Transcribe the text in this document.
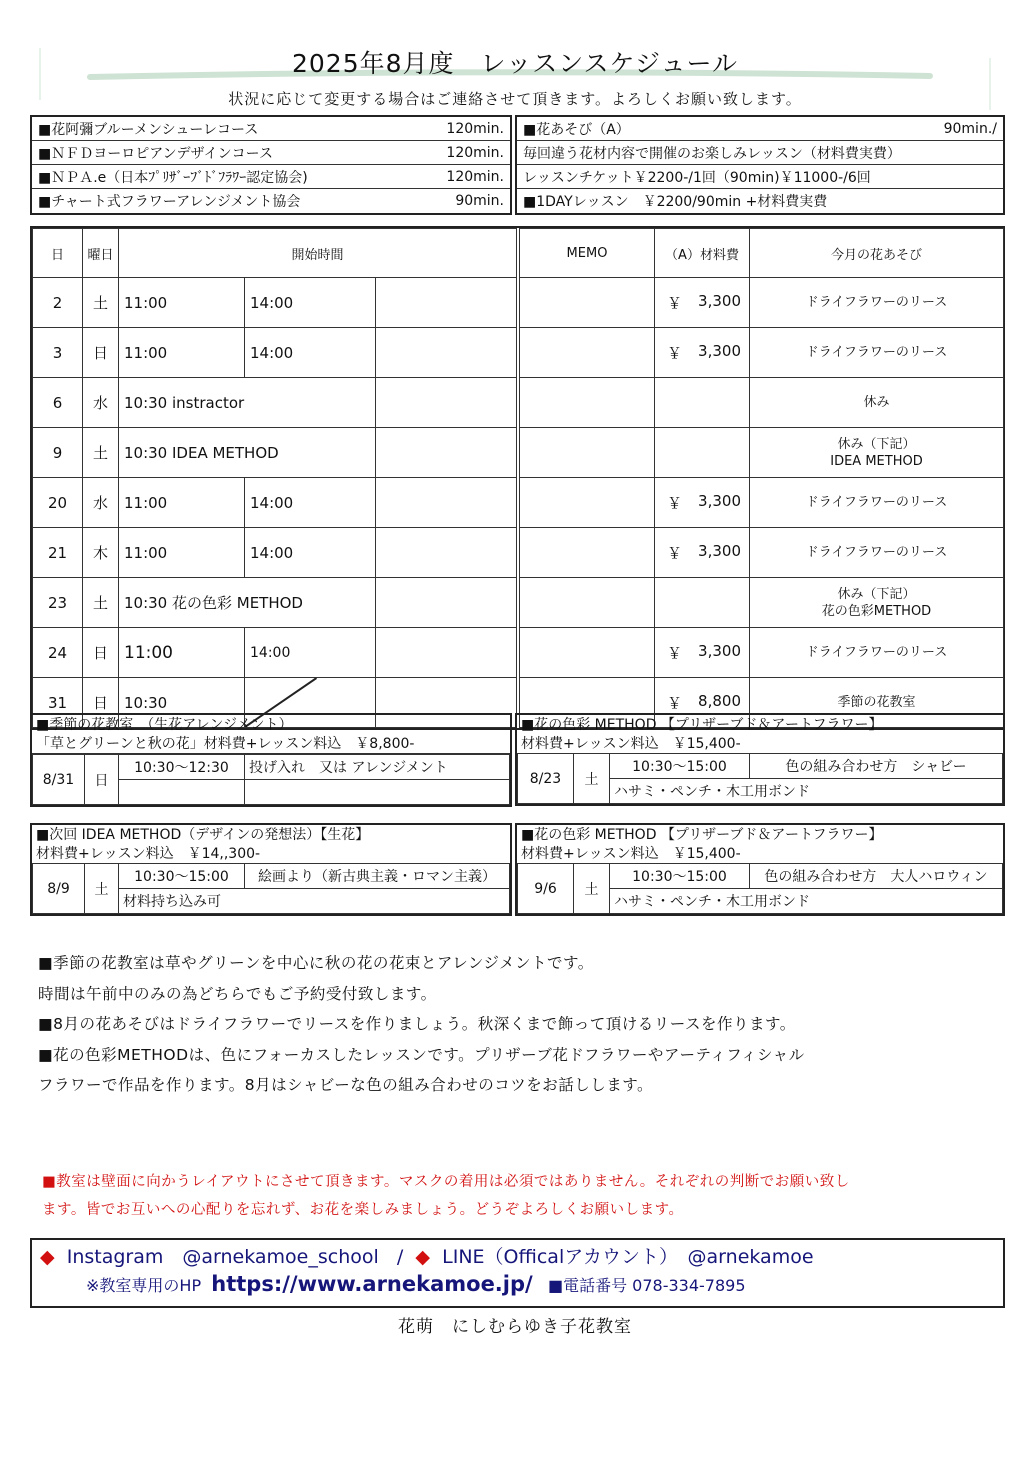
2025年8月度　レッスンスケジュール
状況に応じて変更する場合はご連絡させて頂きます。よろしくお願い致します。
■花阿彌ブルーメンシューレコース	120min.
■ＮＦＤヨーロピアンデザインコース	120min.
■ＮＰＡ.e（日本ﾌﾟﾘｻﾞｰﾌﾞﾄﾞﾌﾗﾜｰ認定協会)	120min.
■チャート式フラワーアレンジメント協会	90min.
■花あそび（A）	90min./
毎回違う花材内容で開催のお楽しみレッスン（材料費実費）
レッスンチケット￥2200-/1回（90min)￥11000-/6回
■1DAYレッスン　￥2200/90min +材料費実費
日	曜日	開始時間				MEMO	（A）材料費	今月の花あそび
2	土	11:00	14:00				￥ 3,300	ドライフラワーのリース
3	日	11:00	14:00				￥ 3,300	ドライフラワーのリース
6	水	10:30 instractor						休み
9	土	10:30 IDEA METHOD						休み（下記）
IDEA METHOD

20	水	11:00	14:00				￥ 3,300	ドライフラワーのリース
21	木	11:00	14:00				￥ 3,300	ドライフラワーのリース
23	土	10:30 花の色彩 METHOD						休み（下記）
花の色彩METHOD

24	日	11:00	14:00				￥ 3,300	ドライフラワーのリース
31	日	10:30					￥ 8,800	季節の花教室
■季節の花教室　（生花アレンジメント）
「草とグリーンと秋の花」材料費+レッスン料込　￥8,800-
8/31	日	10:30～12:30	投げ入れ　又は アレンジメント

■花の色彩 METHOD 【プリザーブド＆アートフラワー】
材料費+レッスン料込　￥15,400-
8/23	土	10:30～15:00	色の組み合わせ方　シャビー
ハサミ・ペンチ・木工用ボンド
■次回 IDEA METHOD（デザインの発想法）【生花】
材料費+レッスン料込　￥14,,300-
8/9	土	10:30～15:00	絵画より（新古典主義・ロマン主義）
材料持ち込み可
■花の色彩 METHOD 【プリザーブド＆アートフラワー】
材料費+レッスン料込　￥15,400-
9/6	土	10:30～15:00	色の組み合わせ方　大人ハロウィン
ハサミ・ペンチ・木工用ボンド
■季節の花教室は草やグリーンを中心に秋の花の花束とアレンジメントです。
時間は午前中のみの為どちらでもご予約受付致します。
■8月の花あそびはドライフラワーでリースを作りましょう。秋深くまで飾って頂けるリースを作ります。
■花の色彩METHODは、色にフォーカスしたレッスンです。プリザーブ花ドフラワーやアーティフィシャル
フラワーで作品を作ります。8月はシャビーな色の組み合わせのコツをお話しします。
■教室は壁面に向かうレイアウトにさせて頂きます。マスクの着用は必須ではありません。それぞれの判断でお願い致し
ます。皆でお互いへの心配りを忘れず、お花を楽しみましょう。どうぞよろしくお願いします。
◆ Instagram　@arnekamoe_school / ◆ LINE（Officalアカウント）　@arnekamoe
※教室専用のHP https://www.arnekamoe.jp/ ■電話番号 078-334-7895
花萌　にしむらゆき子花教室
